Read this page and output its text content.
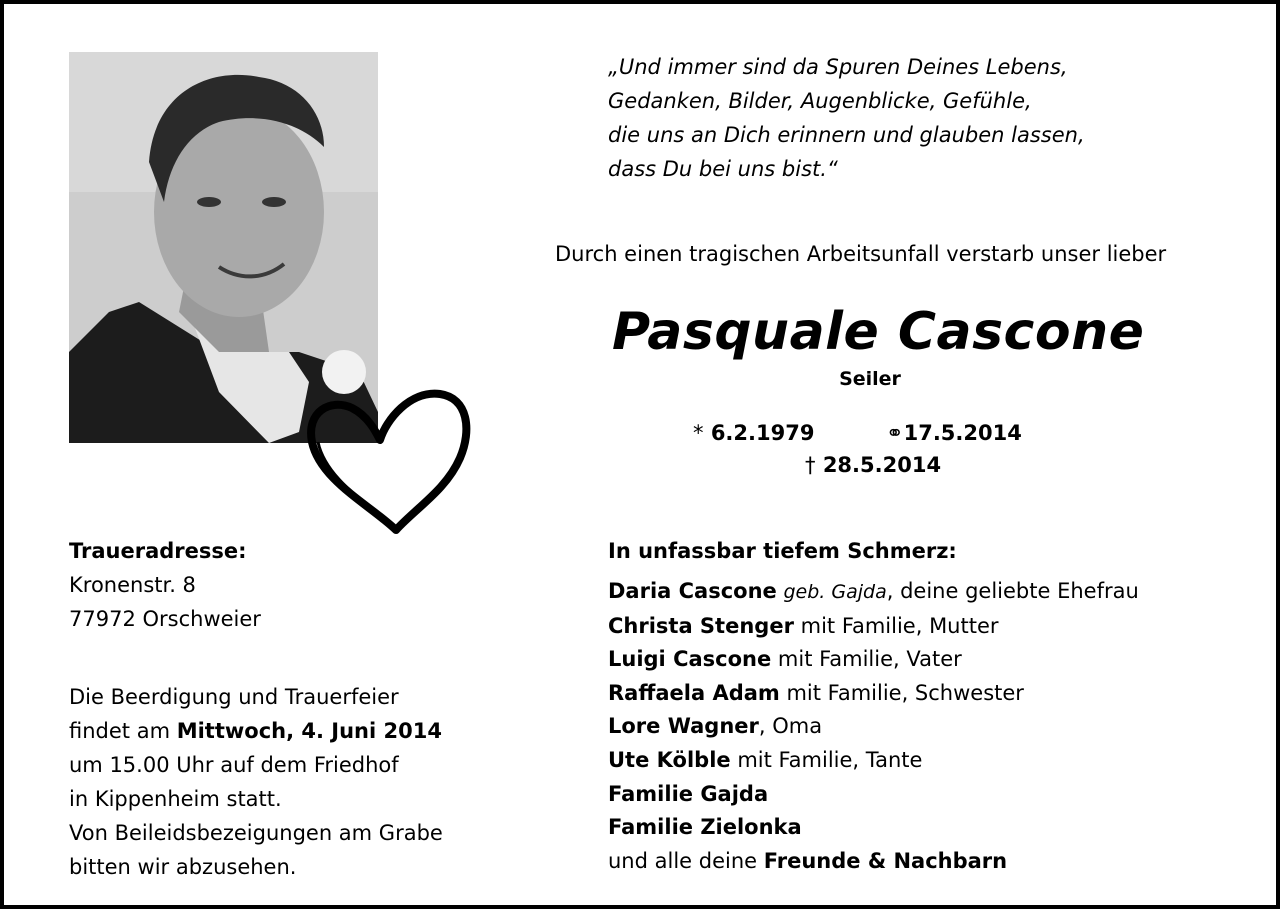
„Und immer sind da Spuren Deines Lebens,
Gedanken, Bilder, Augenblicke, Gefühle,
die uns an Dich erinnern und glauben lassen,
dass Du bei uns bist.“
Durch einen tragischen Arbeitsunfall verstarb unser lieber
Pasquale Cascone
Seiler
* 6.2.1979	⚭17.5.2014
† 28.5.2014
Traueradresse:
Kronenstr. 8
77972 Orschweier
Die Beerdigung und Trauerfeier
findet am Mittwoch, 4. Juni 2014
um 15.00 Uhr auf dem Friedhof
in Kippenheim statt.
Von Beileidsbezeigungen am Grabe
bitten wir abzusehen.
In unfassbar tiefem Schmerz:
Daria Cascone geb. Gajda, deine geliebte Ehefrau
Christa Stenger mit Familie, Mutter
Luigi Cascone mit Familie, Vater
Raffaela Adam mit Familie, Schwester
Lore Wagner, Oma
Ute Kölble mit Familie, Tante
Familie Gajda
Familie Zielonka
und alle deine Freunde & Nachbarn
